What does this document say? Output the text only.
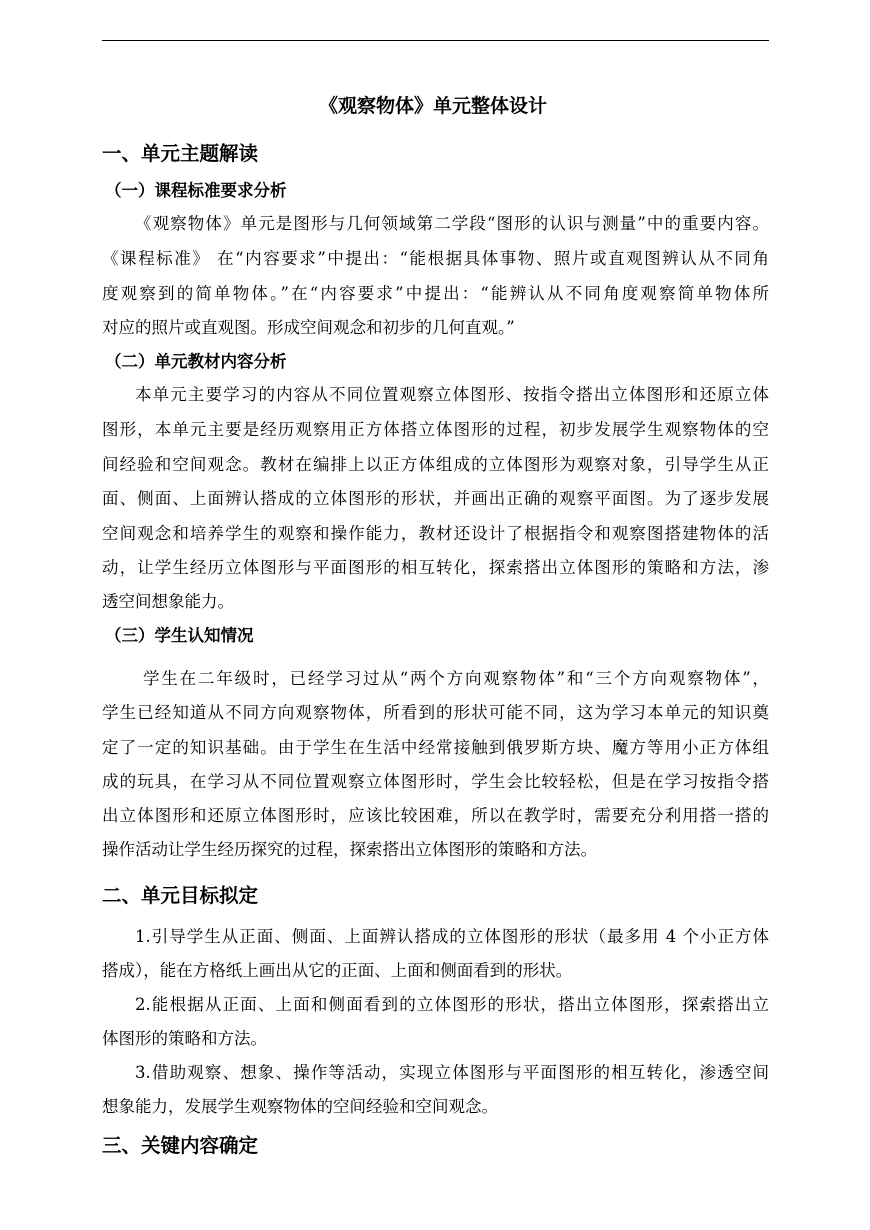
《观察物体》单元整体设计
一、单元主题解读
（一）课程标准要求分析
《观察物体》单元是图形与几何领域第二学段“图形的认识与测量”中的重要内容。
《课程标准》 在“内容要求”中提出：“能根据具体事物、照片或直观图辨认从不同角
度观察到的简单物体。”在“内容要求”中提出：“能辨认从不同角度观察简单物体所
对应的照片或直观图。形成空间观念和初步的几何直观。”
（二）单元教材内容分析
本单元主要学习的内容从不同位置观察立体图形、按指令搭出立体图形和还原立体
图形，本单元主要是经历观察用正方体搭立体图形的过程，初步发展学生观察物体的空
间经验和空间观念。教材在编排上以正方体组成的立体图形为观察对象，引导学生从正
面、侧面、上面辨认搭成的立体图形的形状，并画出正确的观察平面图。为了逐步发展
空间观念和培养学生的观察和操作能力，教材还设计了根据指令和观察图搭建物体的活
动，让学生经历立体图形与平面图形的相互转化，探索搭出立体图形的策略和方法，渗
透空间想象能力。
（三）学生认知情况
学生在二年级时，已经学习过从“两个方向观察物体”和“三个方向观察物体”，
学生已经知道从不同方向观察物体，所看到的形状可能不同，这为学习本单元的知识奠
定了一定的知识基础。由于学生在生活中经常接触到俄罗斯方块、魔方等用小正方体组
成的玩具，在学习从不同位置观察立体图形时，学生会比较轻松，但是在学习按指令搭
出立体图形和还原立体图形时，应该比较困难，所以在教学时，需要充分利用搭一搭的
操作活动让学生经历探究的过程，探索搭出立体图形的策略和方法。
二、单元目标拟定
1.引导学生从正面、侧面、上面辨认搭成的立体图形的形状（最多用 4 个小正方体
搭成），能在方格纸上画出从它的正面、上面和侧面看到的形状。
2.能根据从正面、上面和侧面看到的立体图形的形状，搭出立体图形，探索搭出立
体图形的策略和方法。
3.借助观察、想象、操作等活动，实现立体图形与平面图形的相互转化，渗透空间
想象能力，发展学生观察物体的空间经验和空间观念。
三、关键内容确定
